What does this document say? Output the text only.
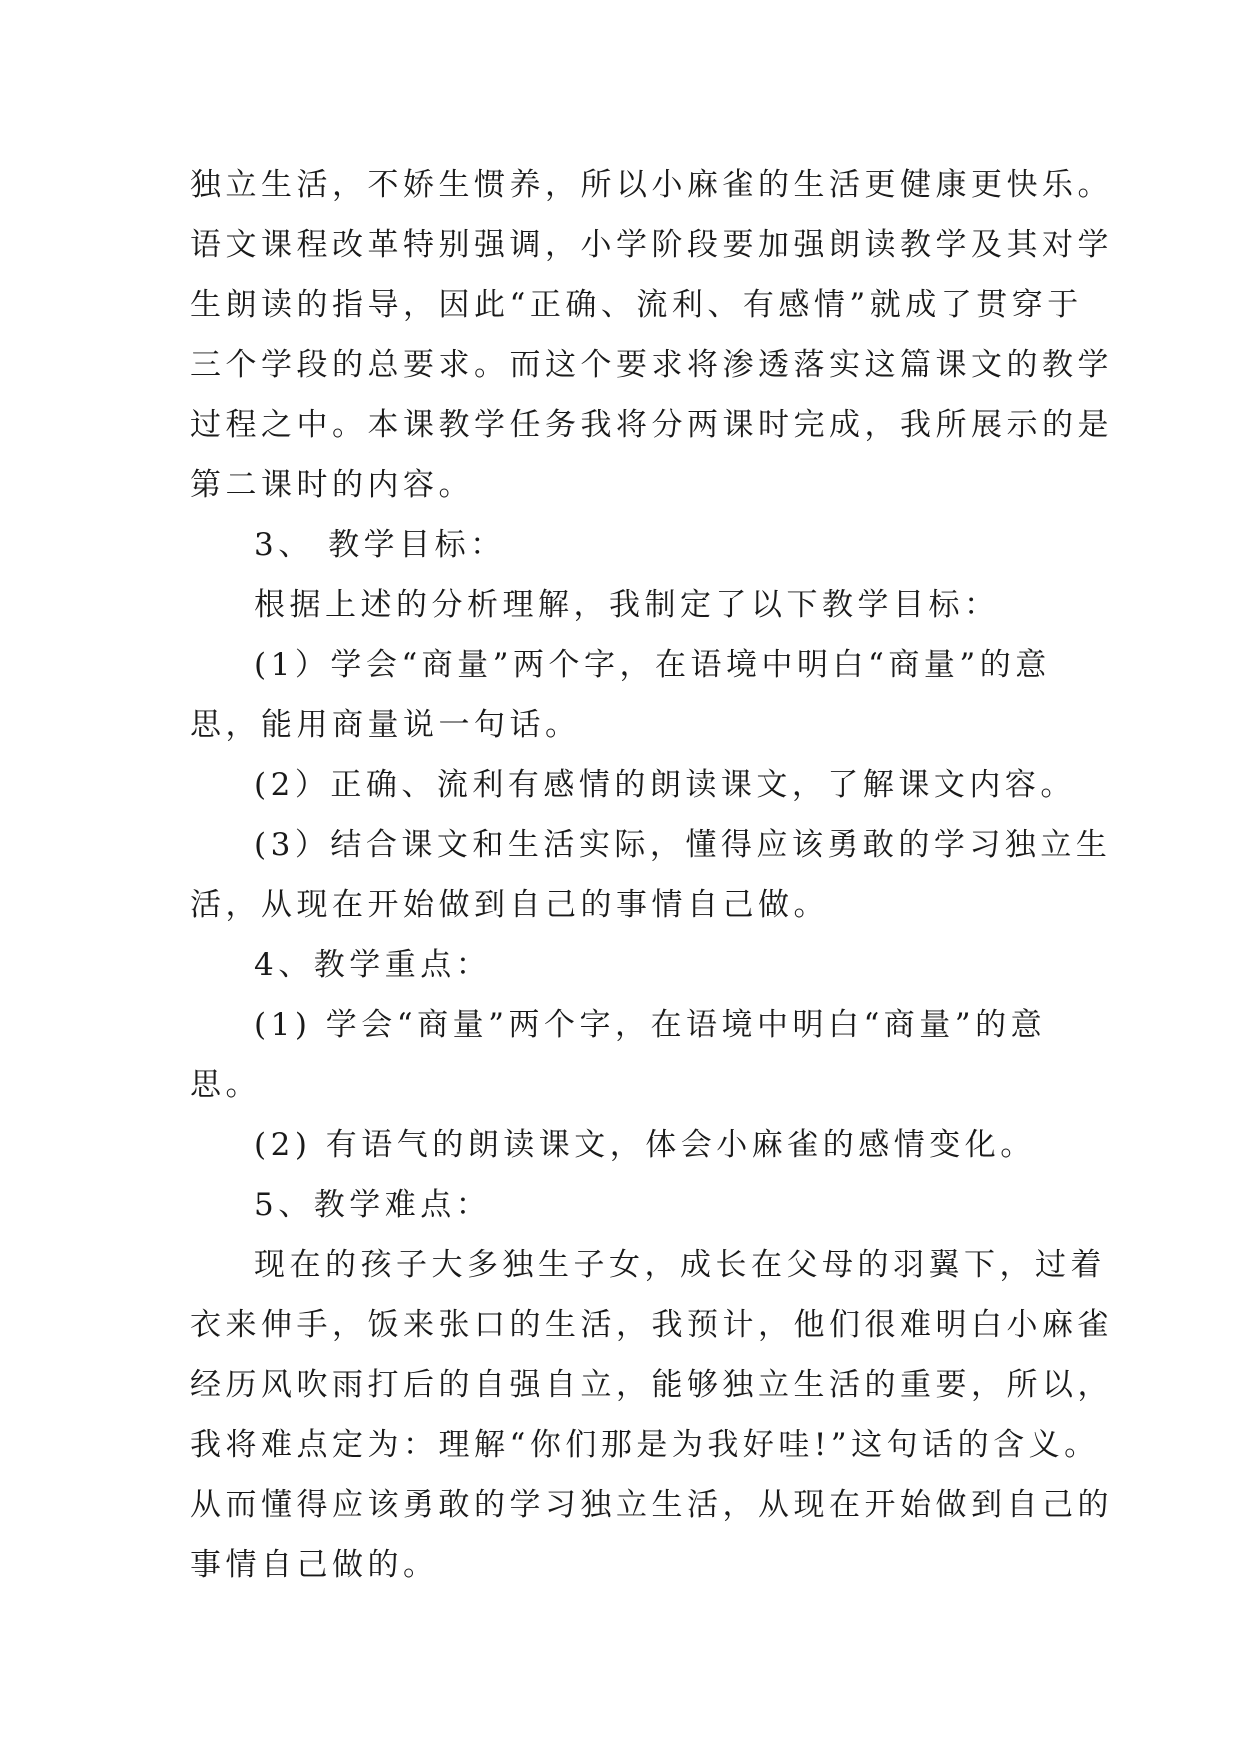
独立生活，不娇生惯养，所以小麻雀的生活更健康更快乐。
语文课程改革特别强调，小学阶段要加强朗读教学及其对学
生朗读的指导，因此“正确、流利、有感情”就成了贯穿于
三个学段的总要求。而这个要求将渗透落实这篇课文的教学
过程之中。本课教学任务我将分两课时完成，我所展示的是
第二课时的内容。
3、 教学目标：
根据上述的分析理解，我制定了以下教学目标：
(1）学会“商量”两个字，在语境中明白“商量”的意
思，能用商量说一句话。
(2）正确、流利有感情的朗读课文，了解课文内容。
(3）结合课文和生活实际，懂得应该勇敢的学习独立生
活，从现在开始做到自己的事情自己做。
4、教学重点：
(1) 学会“商量”两个字，在语境中明白“商量”的意
思。
(2) 有语气的朗读课文，体会小麻雀的感情变化。
5、教学难点：
现在的孩子大多独生子女，成长在父母的羽翼下，过着
衣来伸手，饭来张口的生活，我预计，他们很难明白小麻雀
经历风吹雨打后的自强自立，能够独立生活的重要，所以，
我将难点定为：理解“你们那是为我好哇!”这句话的含义。
从而懂得应该勇敢的学习独立生活，从现在开始做到自己的
事情自己做的。
